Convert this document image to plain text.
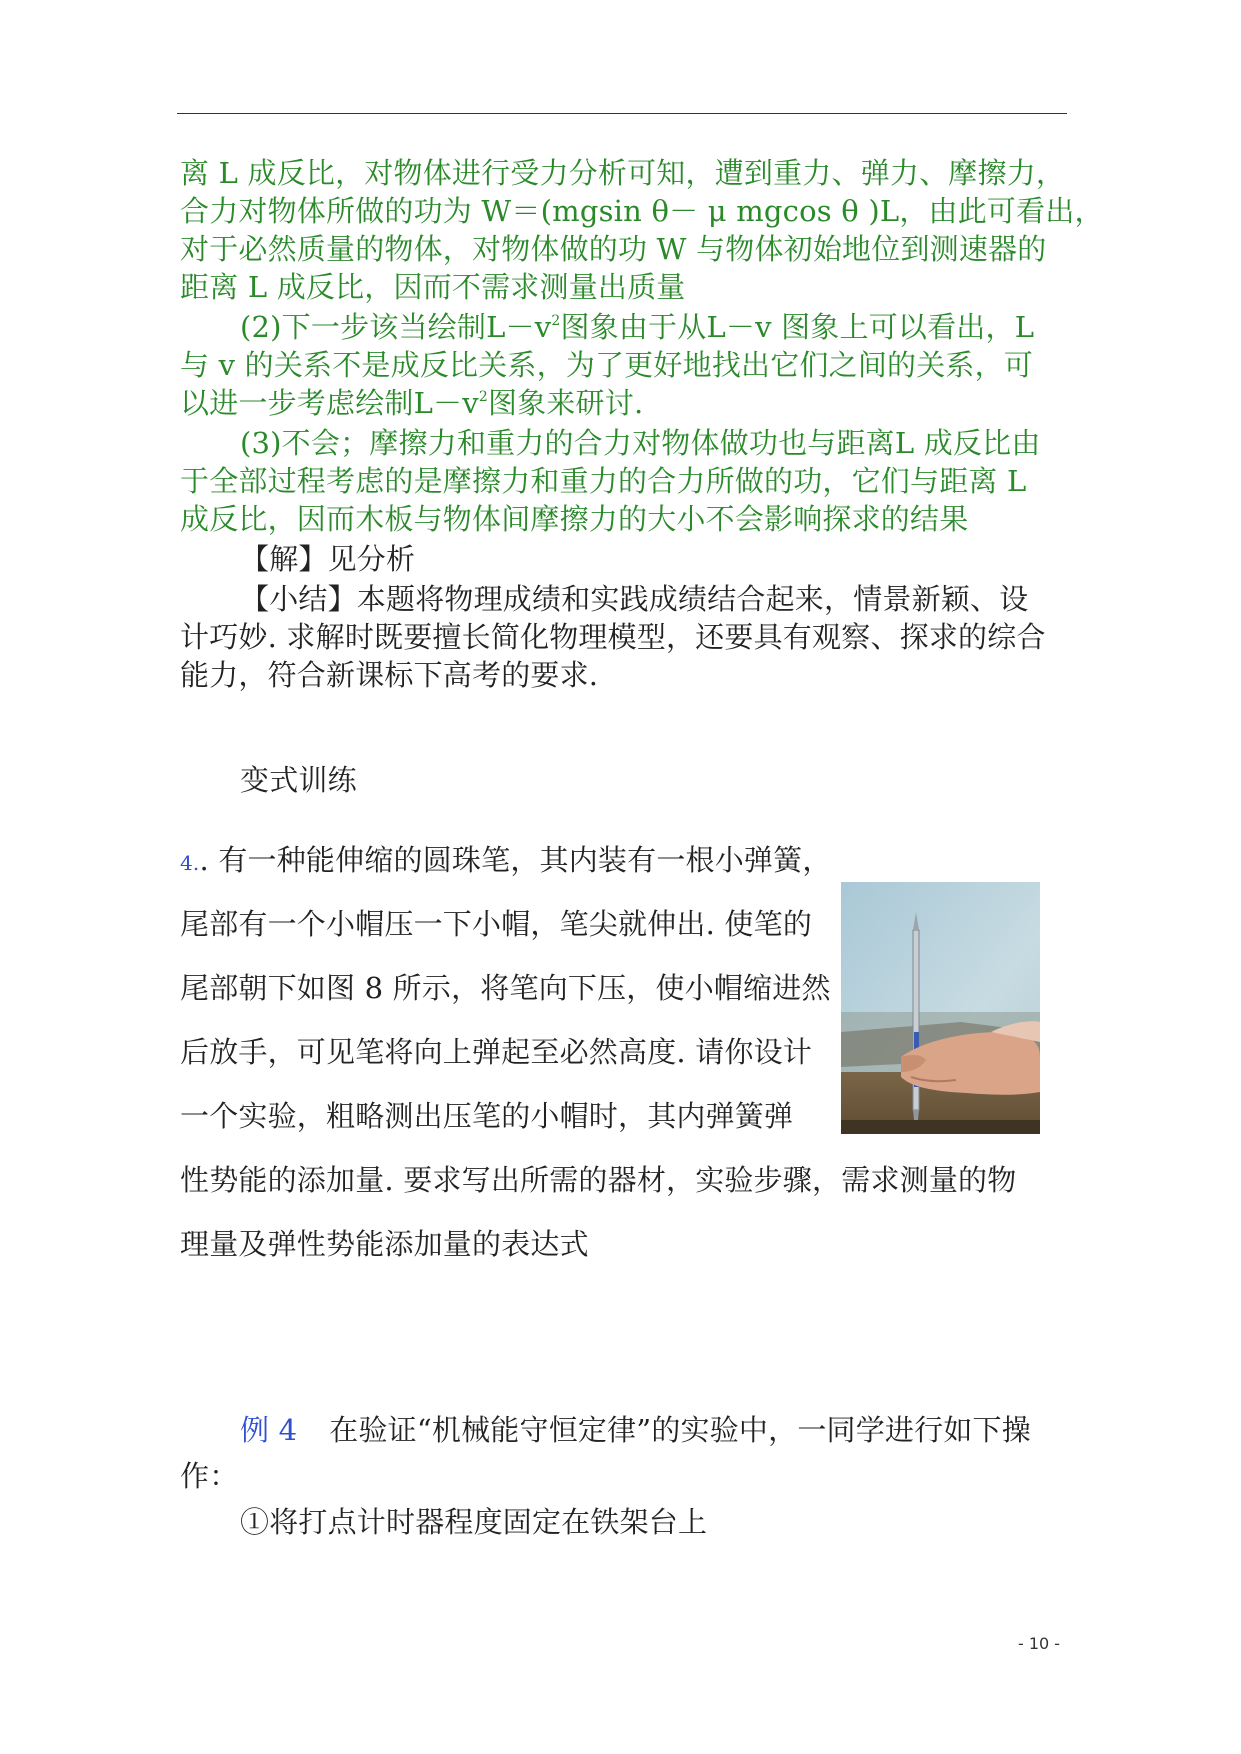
离 L 成反比，对物体进行受力分析可知，遭到重力、弹力、摩擦力，
合力对物体所做的功为 W＝(mgsin θ－ μ mgcos θ )L，由此可看出，
对于必然质量的物体，对物体做的功 W 与物体初始地位到测速器的
距离 L 成反比，因而不需求测量出质量
(2)下一步该当绘制$L-v^2$图象由于从L－v 图象上可以看出，L
与 v 的关系不是成反比关系，为了更好地找出它们之间的关系，可
以进一步考虑绘制$L-v^2$图象来研讨.
(3)不会；摩擦力和重力的合力对物体做功也与距离L 成反比由
于全部过程考虑的是摩擦力和重力的合力所做的功，它们与距离 L
成反比，因而木板与物体间摩擦力的大小不会影响探求的结果
【解】见分析
【小结】本题将物理成绩和实践成绩结合起来，情景新颖、设
计巧妙. 求解时既要擅长简化物理模型，还要具有观察、探求的综合
能力，符合新课标下高考的要求.
变式训练
4.. 有一种能伸缩的圆珠笔，其内装有一根小弹簧，
尾部有一个小帽压一下小帽，笔尖就伸出. 使笔的
尾部朝下如图 8 所示，将笔向下压，使小帽缩进然
后放手，可见笔将向上弹起至必然高度. 请你设计
一个实验，粗略测出压笔的小帽时，其内弹簧弹
性势能的添加量. 要求写出所需的器材，实验步骤，需求测量的物
理量及弹性势能添加量的表达式
例 4 在验证“机械能守恒定律”的实验中，一同学进行如下操
作：
①将打点计时器程度固定在铁架台上
- 10 -
